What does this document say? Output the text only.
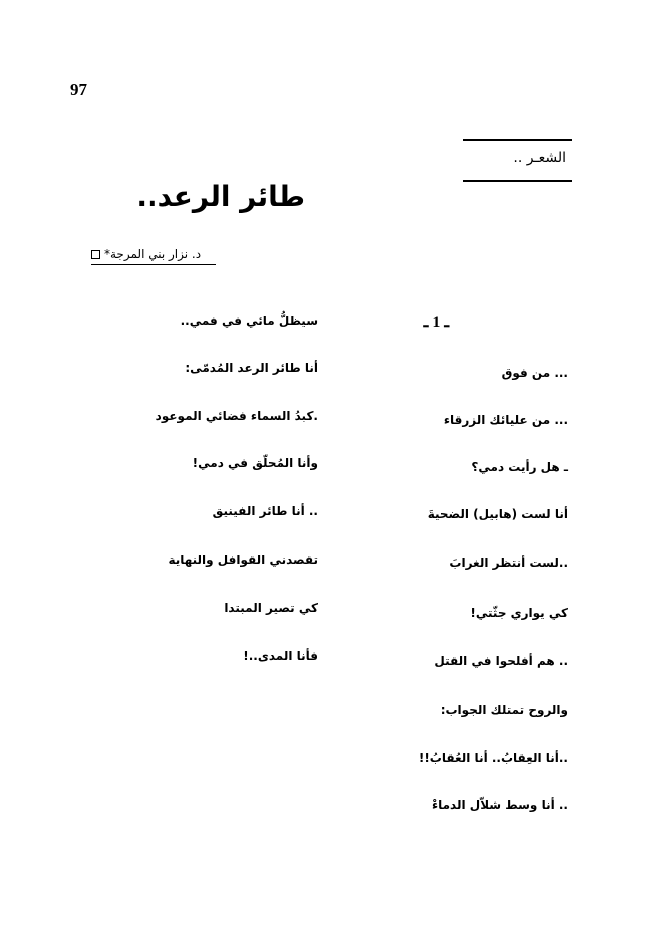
97
الشعـر ..
طائر الرعد..
د. نزار بني المرجة*
ـ 1 ـ
... من فوق
... من عليائك الزرقاء
ـ هل رأيت دمي؟
أنا لست (هابيل) الضحيةَ
..لست أنتظر الغرابَ
كي يواري جثّتي!
.. هم أفلحوا في القتل
والروح تمتلك الجواب:
..أنا العِقابُ.. أنا العُقابُ!!
.. أنا وسط شلاّل الدماءْ
سيظلُّ مائي في فمي..
أنا طائر الرعد المُدمّى:
.كبدُ السماء فضائي الموعود
وأنا المُحلّق في دمي!
.. أنا طائر الفينيق
تقصدني القوافل والنهاية
كي تصير المبتدا
فأنا المدى..!
